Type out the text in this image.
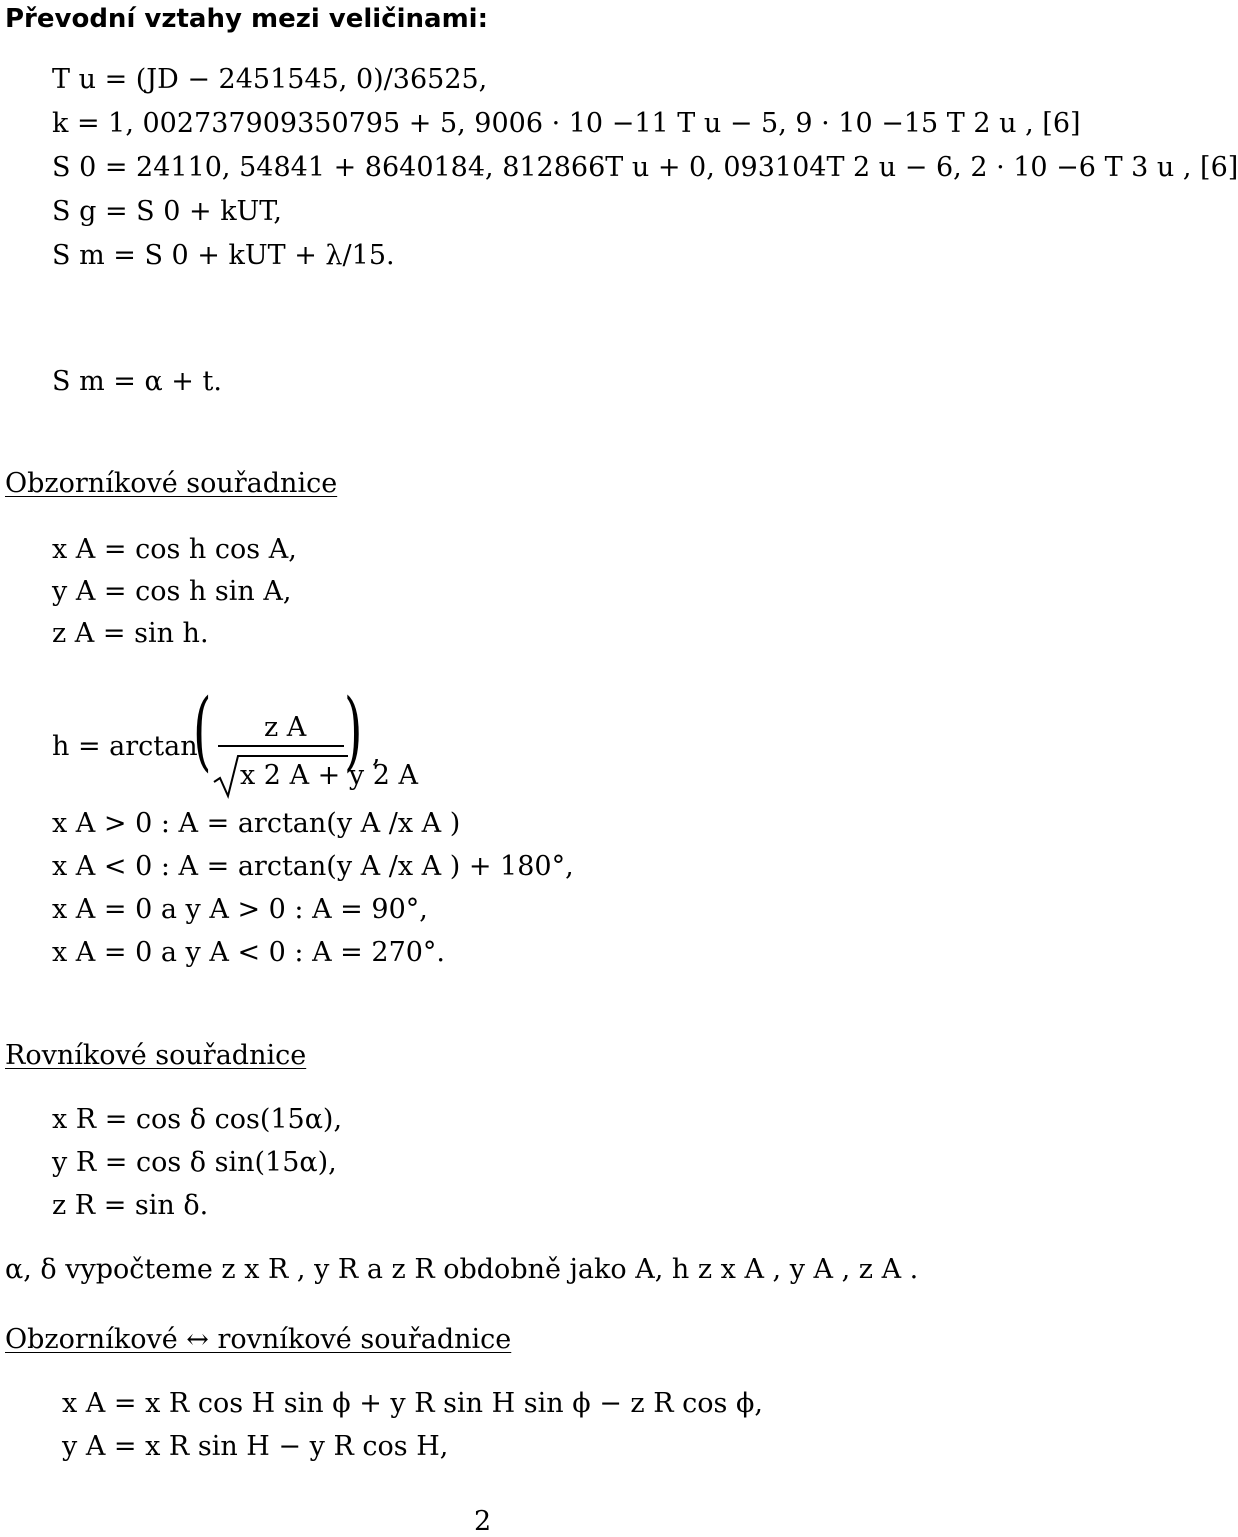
Převodní vztahy mezi veličinami:
T u = (JD − 2451545, 0)/36525,
k = 1, 002737909350795 + 5, 9006 · 10 −11 T u − 5, 9 · 10 −15 T 2 u , [6]
S 0 = 24110, 54841 + 8640184, 812866T u + 0, 093104T 2 u − 6, 2 · 10 −6 T 3 u , [6]
S g = S 0 + kUT,
S m = S 0 + kUT + λ/15.
S m = α + t.
Obzorníkové souřadnice
x A = cos h cos A,
y A = cos h sin A,
z A = sin h.
h = arctan
( z A
x 2 A + y 2 A
) ,
x A > 0 : A = arctan(y A /x A )
x A < 0 : A = arctan(y A /x A ) + 180°,
x A = 0 a y A > 0 : A = 90°,
x A = 0 a y A < 0 : A = 270°.
Rovníkové souřadnice
x R = cos δ cos(15α),
y R = cos δ sin(15α),
z R = sin δ.
α, δ vypočteme z x R , y R a z R obdobně jako A, h z x A , y A , z A .
Obzorníkové ↔ rovníkové souřadnice
x A = x R cos H sin ϕ + y R sin H sin ϕ − z R cos ϕ,
y A = x R sin H − y R cos H,
2
